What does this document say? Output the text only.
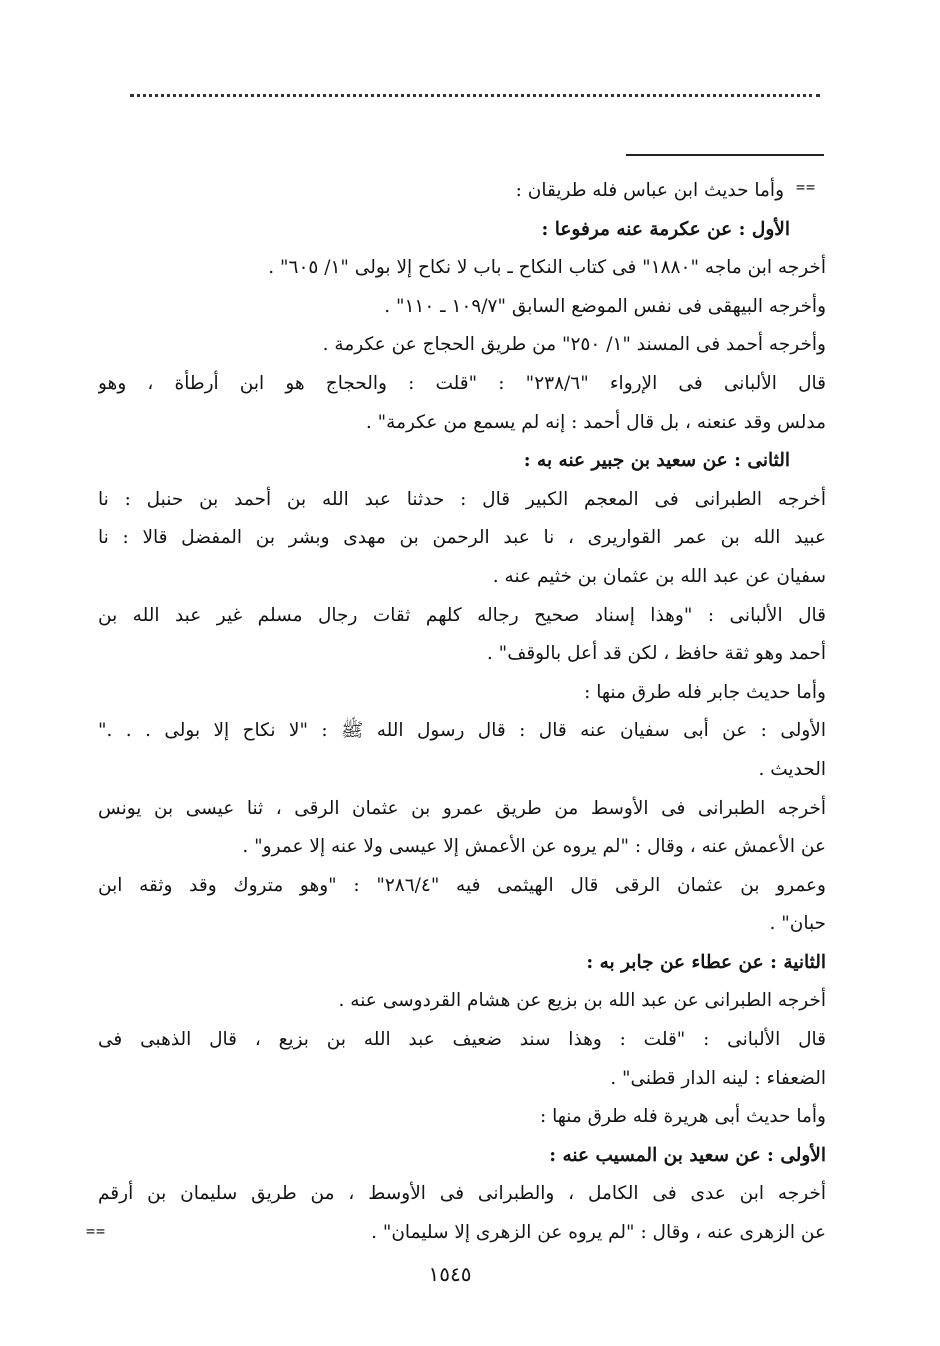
==
وأما حديث ابن عباس فله طريقان :
الأول : عن عكرمة عنه مرفوعا :
أخرجه ابن ماجه "١٨٨٠" فى كتاب النكاح ـ باب لا نكاح إلا بولى "١/ ٦٠٥" .
وأخرجه البيهقى فى نفس الموضع السابق "١٠٩/٧ ـ ١١٠" .
وأخرجه أحمد فى المسند "١/ ٢٥٠" من طريق الحجاج عن عكرمة .
قال الألبانى فى الإرواء "٢٣٨/٦" : "قلت : والحجاج هو ابن أرطأة ، وهو
مدلس وقد عنعنه ، بل قال أحمد : إنه لم يسمع من عكرمة" .
الثانى : عن سعيد بن جبير عنه به :
أخرجه الطبرانى فى المعجم الكبير قال : حدثنا عبد الله بن أحمد بن حنبل : نا
عبيد الله بن عمر القواريرى ، نا عبد الرحمن بن مهدى وبشر بن المفضل قالا : نا
سفيان عن عبد الله بن عثمان بن خثيم عنه .
قال الألبانى : "وهذا إسناد صحيح رجاله كلهم ثقات رجال مسلم غير عبد الله بن
أحمد وهو ثقة حافظ ، لكن قد أعل بالوقف" .
وأما حديث جابر فله طرق منها :
الأولى : عن أبى سفيان عنه قال : قال رسول الله ﷺ : "لا نكاح إلا بولى . . ."
الحديث .
أخرجه الطبرانى فى الأوسط من طريق عمرو بن عثمان الرقى ، ثنا عيسى بن يونس
عن الأعمش عنه ، وقال : "لم يروه عن الأعمش إلا عيسى ولا عنه إلا عمرو" .
وعمرو بن عثمان الرقى قال الهيثمى فيه "٢٨٦/٤" : "وهو متروك وقد وثقه ابن
حبان" .
الثانية : عن عطاء عن جابر به :
أخرجه الطبرانى عن عبد الله بن بزيع عن هشام القردوسى عنه .
قال الألبانى : "قلت : وهذا سند ضعيف عبد الله بن بزيع ، قال الذهبى فى
الضعفاء : لينه الدار قطنى" .
وأما حديث أبى هريرة فله طرق منها :
الأولى : عن سعيد بن المسيب عنه :
أخرجه ابن عدى فى الكامل ، والطبرانى فى الأوسط ، من طريق سليمان بن أرقم
عن الزهرى عنه ، وقال : "لم يروه عن الزهرى إلا سليمان" .
==
١٥٤٥
